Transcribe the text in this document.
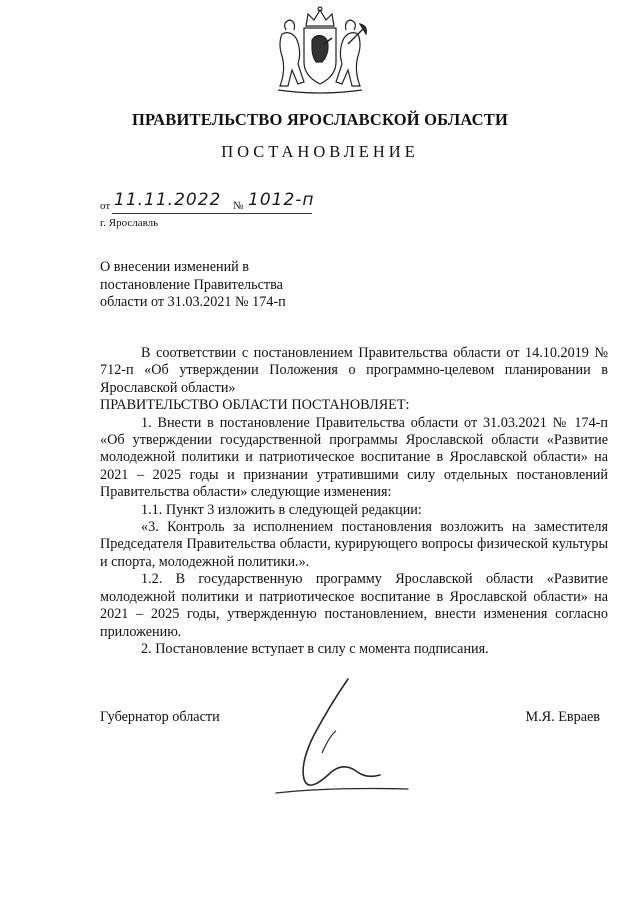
ПРАВИТЕЛЬСТВО ЯРОСЛАВСКОЙ ОБЛАСТИ
ПОСТАНОВЛЕНИЕ
от 11.11.2022 № 1012-п
г. Ярославль
О внесении изменений в
постановление Правительства
области от 31.03.2021 № 174-п

В соответствии с постановлением Правительства области от 14.10.2019 № 712-п «Об утверждении Положения о программно-целевом планировании в Ярославской области»

ПРАВИТЕЛЬСТВО ОБЛАСТИ ПОСТАНОВЛЯЕТ:

1. Внести в постановление Правительства области от 31.03.2021 № 174-п «Об утверждении государственной программы Ярославской области «Развитие молодежной политики и патриотическое воспитание в Ярославской области» на 2021 – 2025 годы и признании утратившими силу отдельных постановлений Правительства области» следующие изменения:

1.1. Пункт 3 изложить в следующей редакции:

«3. Контроль за исполнением постановления возложить на заместителя Председателя Правительства области, курирующего вопросы физической культуры и спорта, молодежной политики.».

1.2. В государственную программу Ярославской области «Развитие молодежной политики и патриотическое воспитание в Ярославской области» на 2021 – 2025 годы, утвержденную постановлением, внести изменения согласно приложению.

2. Постановление вступает в силу с момента подписания.

Губернатор области	М.Я. Евраев
